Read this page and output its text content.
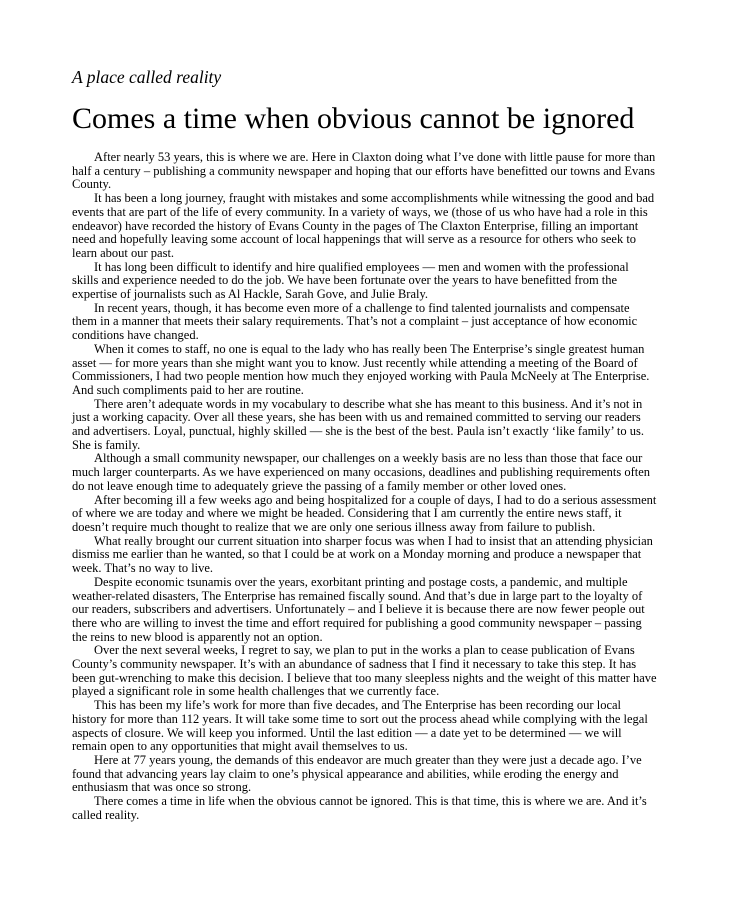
A place called reality
Comes a time when obvious cannot be ignored

After nearly 53 years, this is where we are. Here in Claxton doing what I’ve done with little pause for more than
half a century – publishing a community newspaper and hoping that our efforts have benefitted our towns and Evans
County.

It has been a long journey, fraught with mistakes and some accomplishments while witnessing the good and bad
events that are part of the life of every community. In a variety of ways, we (those of us who have had a role in this
endeavor) have recorded the history of Evans County in the pages of The Claxton Enterprise, filling an important
need and hopefully leaving some account of local happenings that will serve as a resource for others who seek to
learn about our past.

It has long been difficult to identify and hire qualified employees — men and women with the professional
skills and experience needed to do the job. We have been fortunate over the years to have benefitted from the
expertise of journalists such as Al Hackle, Sarah Gove, and Julie Braly.

In recent years, though, it has become even more of a challenge to find talented journalists and compensate
them in a manner that meets their salary requirements. That’s not a complaint – just acceptance of how economic
conditions have changed.

When it comes to staff, no one is equal to the lady who has really been The Enterprise’s single greatest human
asset — for more years than she might want you to know. Just recently while attending a meeting of the Board of
Commissioners, I had two people mention how much they enjoyed working with Paula McNeely at The Enterprise.
And such compliments paid to her are routine.

There aren’t adequate words in my vocabulary to describe what she has meant to this business. And it’s not in
just a working capacity. Over all these years, she has been with us and remained committed to serving our readers
and advertisers. Loyal, punctual, highly skilled — she is the best of the best. Paula isn’t exactly ‘like family’ to us.
She is family.

Although a small community newspaper, our challenges on a weekly basis are no less than those that face our
much larger counterparts. As we have experienced on many occasions, deadlines and publishing requirements often
do not leave enough time to adequately grieve the passing of a family member or other loved ones.

After becoming ill a few weeks ago and being hospitalized for a couple of days, I had to do a serious assessment
of where we are today and where we might be headed. Considering that I am currently the entire news staff, it
doesn’t require much thought to realize that we are only one serious illness away from failure to publish.

What really brought our current situation into sharper focus was when I had to insist that an attending physician
dismiss me earlier than he wanted, so that I could be at work on a Monday morning and produce a newspaper that
week. That’s no way to live.

Despite economic tsunamis over the years, exorbitant printing and postage costs, a pandemic, and multiple
weather-related disasters, The Enterprise has remained fiscally sound. And that’s due in large part to the loyalty of
our readers, subscribers and advertisers. Unfortunately – and I believe it is because there are now fewer people out
there who are willing to invest the time and effort required for publishing a good community newspaper – passing
the reins to new blood is apparently not an option.

Over the next several weeks, I regret to say, we plan to put in the works a plan to cease publication of Evans
County’s community newspaper. It’s with an abundance of sadness that I find it necessary to take this step. It has
been gut-wrenching to make this decision. I believe that too many sleepless nights and the weight of this matter have
played a significant role in some health challenges that we currently face.

This has been my life’s work for more than five decades, and The Enterprise has been recording our local
history for more than 112 years. It will take some time to sort out the process ahead while complying with the legal
aspects of closure. We will keep you informed. Until the last edition — a date yet to be determined — we will
remain open to any opportunities that might avail themselves to us.

Here at 77 years young, the demands of this endeavor are much greater than they were just a decade ago. I’ve
found that advancing years lay claim to one’s physical appearance and abilities, while eroding the energy and
enthusiasm that was once so strong.

There comes a time in life when the obvious cannot be ignored. This is that time, this is where we are. And it’s
called reality.
